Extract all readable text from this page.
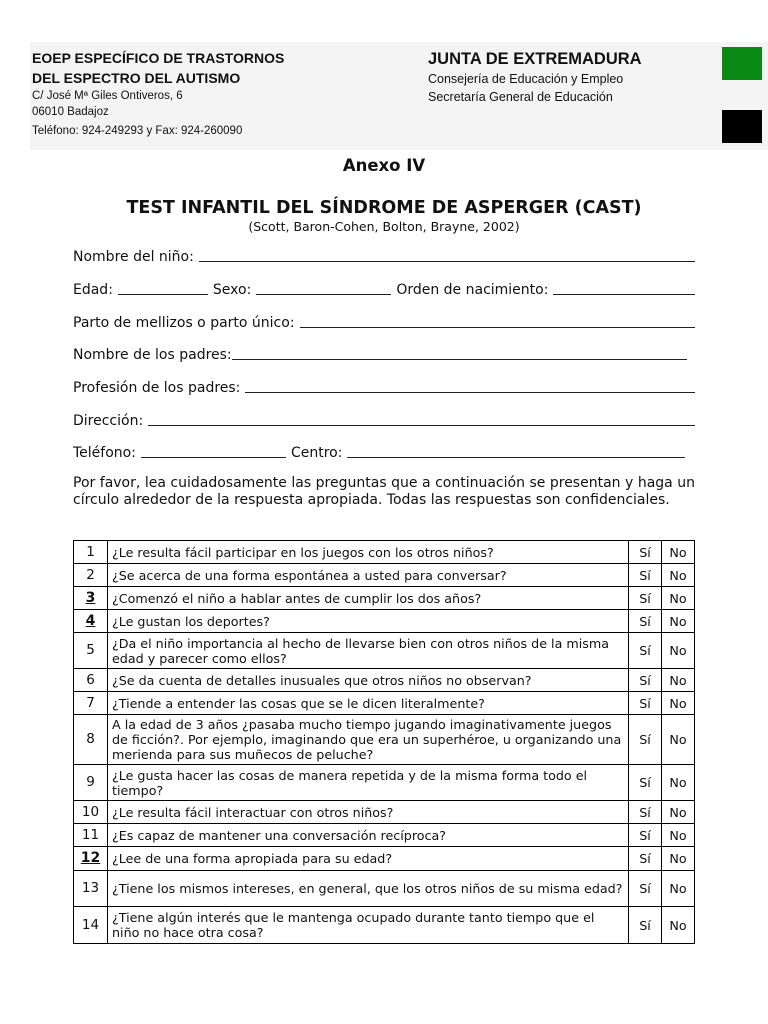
EOEP ESPECÍFICO DE TRASTORNOS
DEL ESPECTRO DEL AUTISMO
C/ José Mª Giles Ontiveros, 6
06010 Badajoz
Teléfono: 924-249293 y Fax: 924-260090
JUNTA DE EXTREMADURA
Consejería de Educación y Empleo
Secretaría General de Educación
Anexo IV
TEST INFANTIL DEL SÍNDROME DE ASPERGER (CAST)
(Scott, Baron-Cohen, Bolton, Brayne, 2002)
Nombre del niño:
Edad:	Sexo:	Orden de nacimiento:
Parto de mellizos o parto único:
Nombre de los padres:
Profesión de los padres:
Dirección:
Teléfono:	Centro:
Por favor, lea cuidadosamente las preguntas que a continuación se presentan y haga un círculo alrededor de la respuesta apropiada. Todas las respuestas son confidenciales.
1	¿Le resulta fácil participar en los juegos con los otros niños?	Sí	No
2	¿Se acerca de una forma espontánea a usted para conversar?	Sí	No
3	¿Comenzó el niño a hablar antes de cumplir los dos años?	Sí	No
4	¿Le gustan los deportes?	Sí	No
5	¿Da el niño importancia al hecho de llevarse bien con otros niños de la misma edad y parecer como ellos?	Sí	No
6	¿Se da cuenta de detalles inusuales que otros niños no observan?	Sí	No
7	¿Tiende a entender las cosas que se le dicen literalmente?	Sí	No
8	A la edad de 3 años ¿pasaba mucho tiempo jugando imaginativamente juegos de ficción?. Por ejemplo, imaginando que era un superhéroe, u organizando una merienda para sus muñecos de peluche?	Sí	No
9	¿Le gusta hacer las cosas de manera repetida y de la misma forma todo el tiempo?	Sí	No
10	¿Le resulta fácil interactuar con otros niños?	Sí	No
11	¿Es capaz de mantener una conversación recíproca?	Sí	No
12	¿Lee de una forma apropiada para su edad?	Sí	No
13	¿Tiene los mismos intereses, en general, que los otros niños de su misma edad?	Sí	No
14	¿Tiene algún interés que le mantenga ocupado durante tanto tiempo que el niño no hace otra cosa?	Sí	No
